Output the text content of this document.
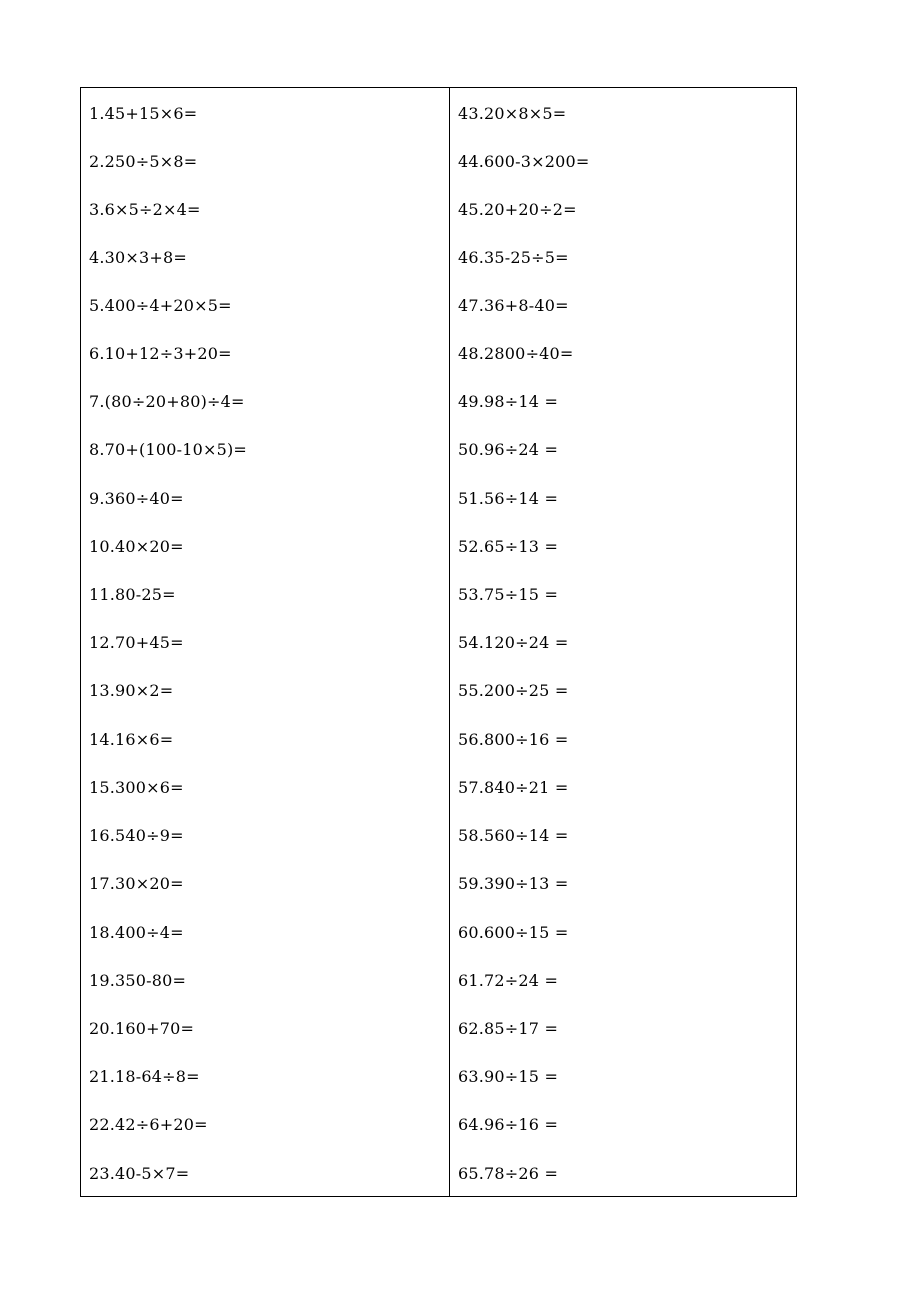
1.45+15×6=
2.250÷5×8=
3.6×5÷2×4=
4.30×3+8=
5.400÷4+20×5=
6.10+12÷3+20=
7.(80÷20+80)÷4=
8.70+(100-10×5)=
9.360÷40=
10.40×20=
11.80-25=
12.70+45=
13.90×2=
14.16×6=
15.300×6=
16.540÷9=
17.30×20=
18.400÷4=
19.350-80=
20.160+70=
21.18-64÷8=
22.42÷6+20=
23.40-5×7=
43.20×8×5=
44.600-3×200=
45.20+20÷2=
46.35-25÷5=
47.36+8-40=
48.2800÷40=
49.98÷14 =
50.96÷24 =
51.56÷14 =
52.65÷13 =
53.75÷15 =
54.120÷24 =
55.200÷25 =
56.800÷16 =
57.840÷21 =
58.560÷14 =
59.390÷13 =
60.600÷15 =
61.72÷24 =
62.85÷17 =
63.90÷15 =
64.96÷16 =
65.78÷26 =
